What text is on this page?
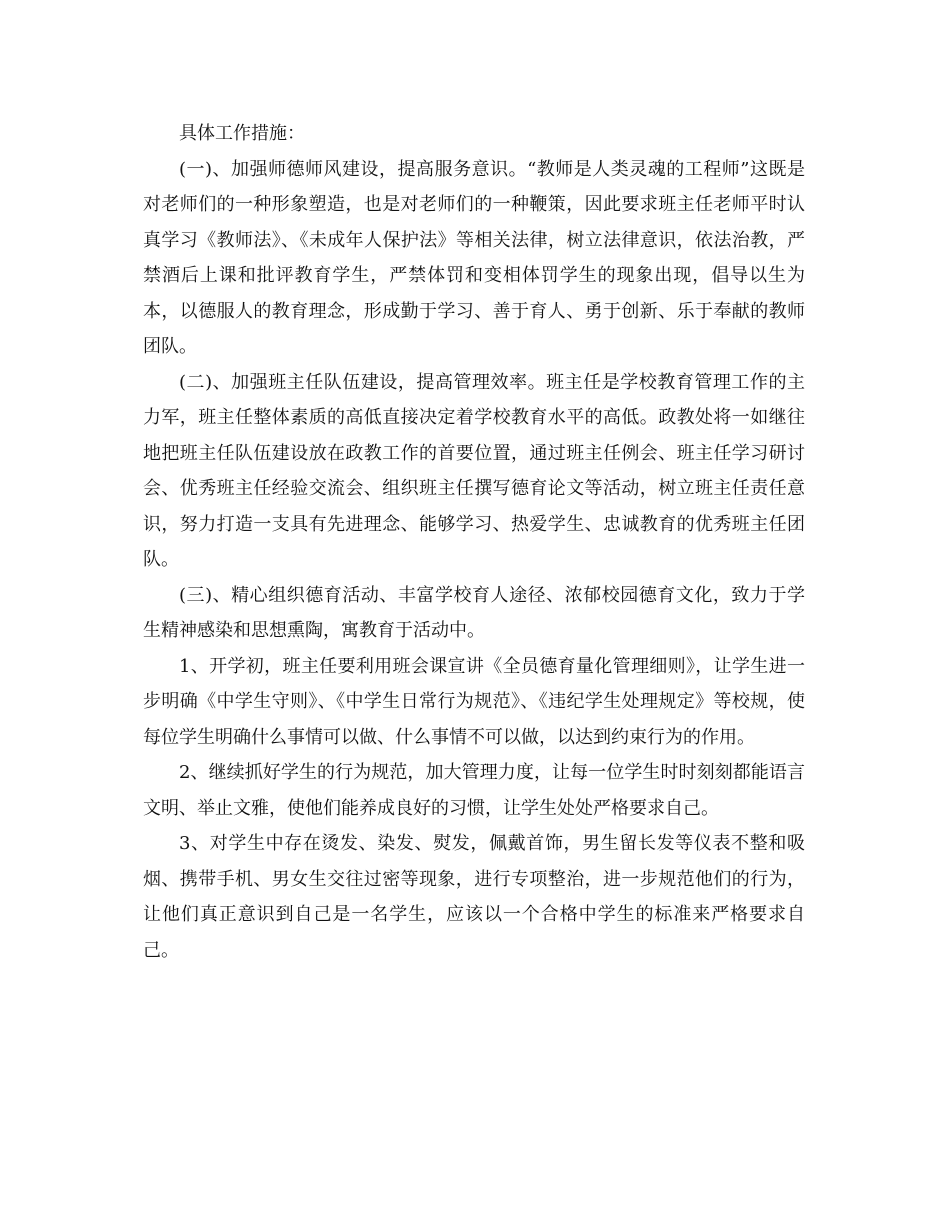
具体工作措施：

(一)、加强师德师风建设，提高服务意识。“教师是人类灵魂的工程师”这既是对老师们的一种形象塑造，也是对老师们的一种鞭策，因此要求班主任老师平时认真学习《教师法》、《未成年人保护法》等相关法律，树立法律意识，依法治教，严禁酒后上课和批评教育学生，严禁体罚和变相体罚学生的现象出现，倡导以生为本，以德服人的教育理念，形成勤于学习、善于育人、勇于创新、乐于奉献的教师团队。

(二)、加强班主任队伍建设，提高管理效率。班主任是学校教育管理工作的主力军，班主任整体素质的高低直接决定着学校教育水平的高低。政教处将一如继往地把班主任队伍建设放在政教工作的首要位置，通过班主任例会、班主任学习研讨会、优秀班主任经验交流会、组织班主任撰写德育论文等活动，树立班主任责任意识，努力打造一支具有先进理念、能够学习、热爱学生、忠诚教育的优秀班主任团队。

(三)、精心组织德育活动、丰富学校育人途径、浓郁校园德育文化，致力于学生精神感染和思想熏陶，寓教育于活动中。

1、开学初，班主任要利用班会课宣讲《全员德育量化管理细则》，让学生进一步明确《中学生守则》、《中学生日常行为规范》、《违纪学生处理规定》等校规，使每位学生明确什么事情可以做、什么事情不可以做，以达到约束行为的作用。

2、继续抓好学生的行为规范，加大管理力度，让每一位学生时时刻刻都能语言文明、举止文雅，使他们能养成良好的习惯，让学生处处严格要求自己。

3、对学生中存在烫发、染发、熨发，佩戴首饰，男生留长发等仪表不整和吸烟、携带手机、男女生交往过密等现象，进行专项整治，进一步规范他们的行为，让他们真正意识到自己是一名学生，应该以一个合格中学生的标准来严格要求自己。
